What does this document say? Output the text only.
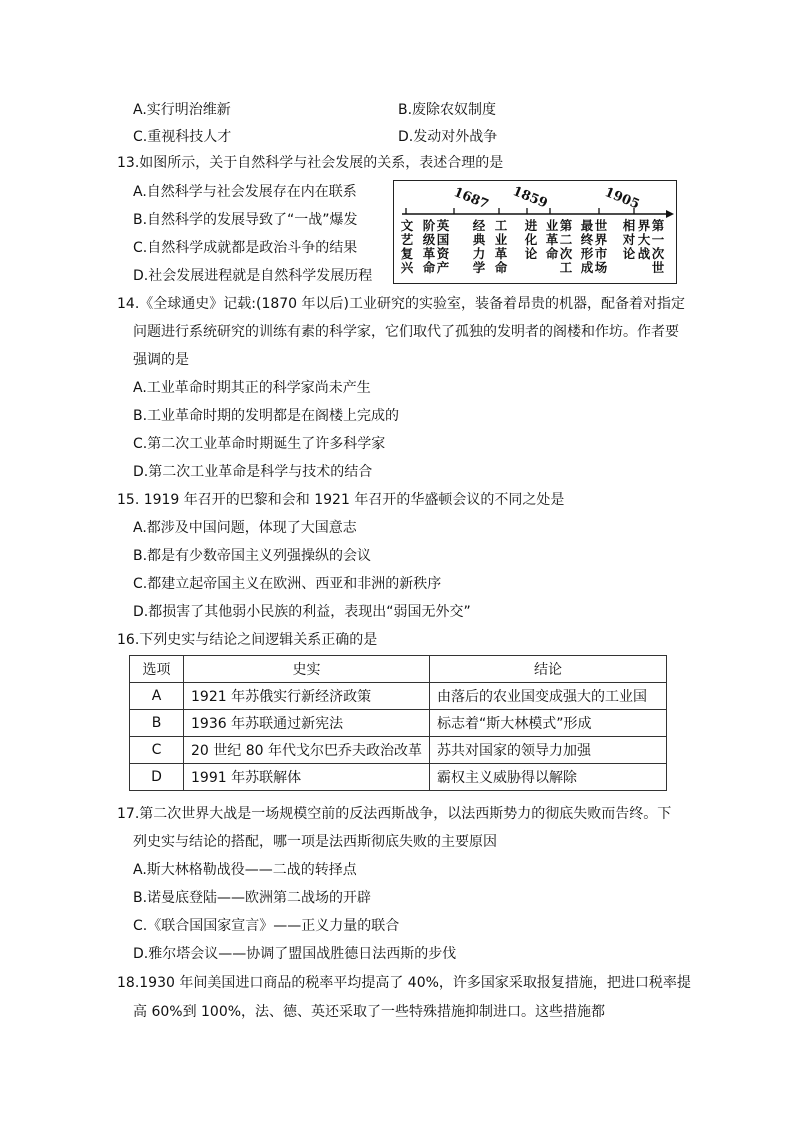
A.实行明治维新	B.废除农奴制度
C.重视科技人才	D.发动对外战争
13.如图所示，关于自然科学与社会发展的关系，表述合理的是
A.自然科学与社会发展存在内在联系
B.自然科学的发展导致了“一战”爆发
C.自然科学成就都是政治斗争的结果
D.社会发展进程就是自然科学发展历程
1687 1859	1905
文艺复兴
阶级革命
英国资产
经典力学
工业革命
进化论
业革命
第二次工
最终形成
世界市场
相对论
第一次世
界大战
14.《全球通史》记载:(1870 年以后)工业研究的实验室，装备着昂贵的机器，配备着对指定
问题进行系统研究的训练有素的科学家，它们取代了孤独的发明者的阁楼和作坊。作者要
强调的是
A.工业革命时期其正的科学家尚未产生
B.工业革命时期的发明都是在阁楼上完成的
C.第二次工业革命时期诞生了许多科学家
D.第二次工业革命是科学与技术的结合
15. 1919 年召开的巴黎和会和 1921 年召开的华盛顿会议的不同之处是
A.都涉及中国问题，体现了大国意志
B.都是有少数帝国主义列强操纵的会议
C.都建立起帝国主义在欧洲、西亚和非洲的新秩序
D.都损害了其他弱小民族的利益，表现出“弱国无外交”
16.下列史实与结论之间逻辑关系正确的是
选项	史实	结论
A	1921 年苏俄实行新经济政策	由落后的农业国变成强大的工业国
B	1936 年苏联通过新宪法	标志着“斯大林模式”形成
C	20 世纪 80 年代戈尔巴乔夫政治改革	苏共对国家的领导力加强
D	1991 年苏联解体	霸权主义威胁得以解除
17.第二次世界大战是一场规模空前的反法西斯战争，以法西斯势力的彻底失败而告终。下
列史实与结论的搭配，哪一项是法西斯彻底失败的主要原因
A.斯大林格勒战役——二战的转择点
B.诺曼底登陆——欧洲第二战场的开辟
C.《联合国国家宣言》——正义力量的联合
D.雅尔塔会议——协调了盟国战胜德日法西斯的步伐
18.1930 年间美国进口商品的税率平均提高了 40%，许多国家采取报复措施，把进口税率提
高 60%到 100%，法、德、英还采取了一些特殊措施抑制进口。这些措施都
